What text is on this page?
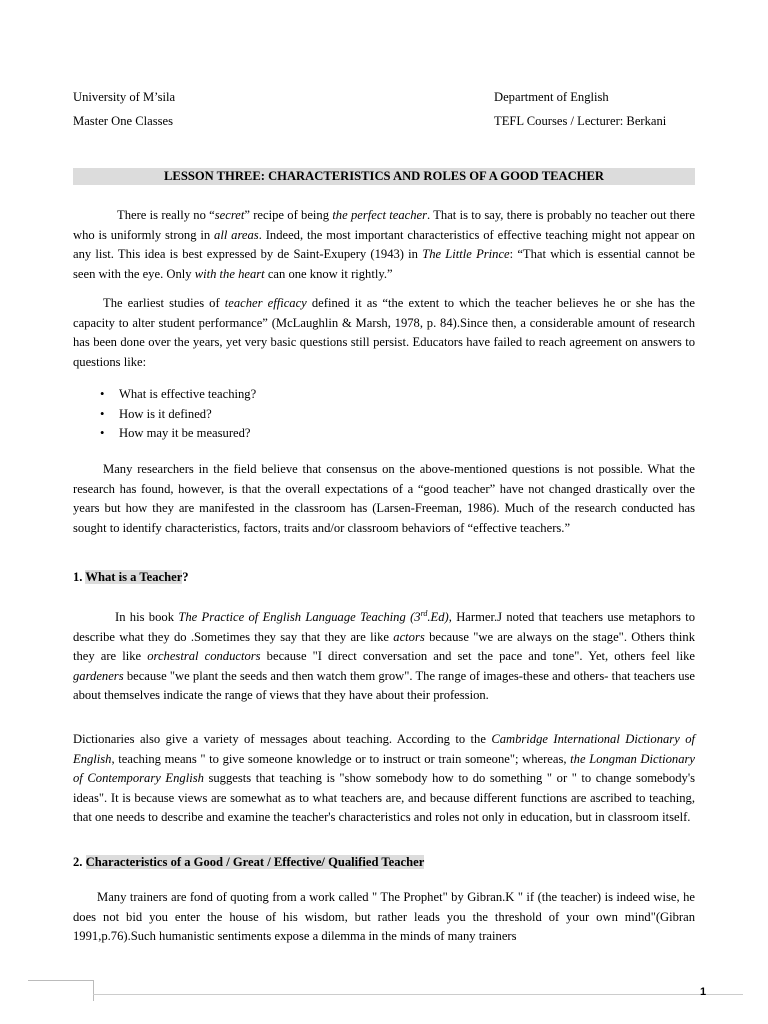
University of M’sila	Department of English
Master One Classes	TEFL Courses / Lecturer: Berkani
LESSON THREE: CHARACTERISTICS AND ROLES OF A GOOD TEACHER

There is really no “secret” recipe of being the perfect teacher. That is to say, there is probably no teacher out there who is uniformly strong in all areas. Indeed, the most important characteristics of effective teaching might not appear on any list. This idea is best expressed by de Saint-Exupery (1943) in The Little Prince: “That which is essential cannot be seen with the eye. Only with the heart can one know it rightly.”

The earliest studies of teacher efficacy defined it as “the extent to which the teacher believes he or she has the capacity to alter student performance” (McLaughlin & Marsh, 1978, p. 84).Since then, a considerable amount of research has been done over the years, yet very basic questions still persist. Educators have failed to reach agreement on answers to questions like:

• What is effective teaching?
• How is it defined?
• How may it be measured?

Many researchers in the field believe that consensus on the above-mentioned questions is not possible. What the research has found, however, is that the overall expectations of a “good teacher” have not changed drastically over the years but how they are manifested in the classroom has (Larsen-Freeman, 1986). Much of the research conducted has sought to identify characteristics, factors, traits and/or classroom behaviors of “effective teachers.”

1. What is a Teacher?

In his book The Practice of English Language Teaching (3rd.Ed), Harmer.J noted that teachers use metaphors to describe what they do .Sometimes they say that they are like actors because "we are always on the stage". Others think they are like orchestral conductors because "I direct conversation and set the pace and tone". Yet, others feel like gardeners because "we plant the seeds and then watch them grow". The range of images-these and others- that teachers use about themselves indicate the range of views that they have about their profession.

Dictionaries also give a variety of messages about teaching. According to the Cambridge International Dictionary of English, teaching means " to give someone knowledge or to instruct or train someone"; whereas, the Longman Dictionary of Contemporary English suggests that teaching is "show somebody how to do something " or " to change somebody's ideas". It is because views are somewhat as to what teachers are, and because different functions are ascribed to teaching, that one needs to describe and examine the teacher's characteristics and roles not only in education, but in classroom itself.

2. Characteristics of a Good / Great / Effective/ Qualified Teacher

Many trainers are fond of quoting from a work called " The Prophet" by Gibran.K " if (the teacher) is indeed wise, he does not bid you enter the house of his wisdom, but rather leads you the threshold of your own mind"(Gibran 1991,p.76).Such humanistic sentiments expose a dilemma in the minds of many trainers

1
